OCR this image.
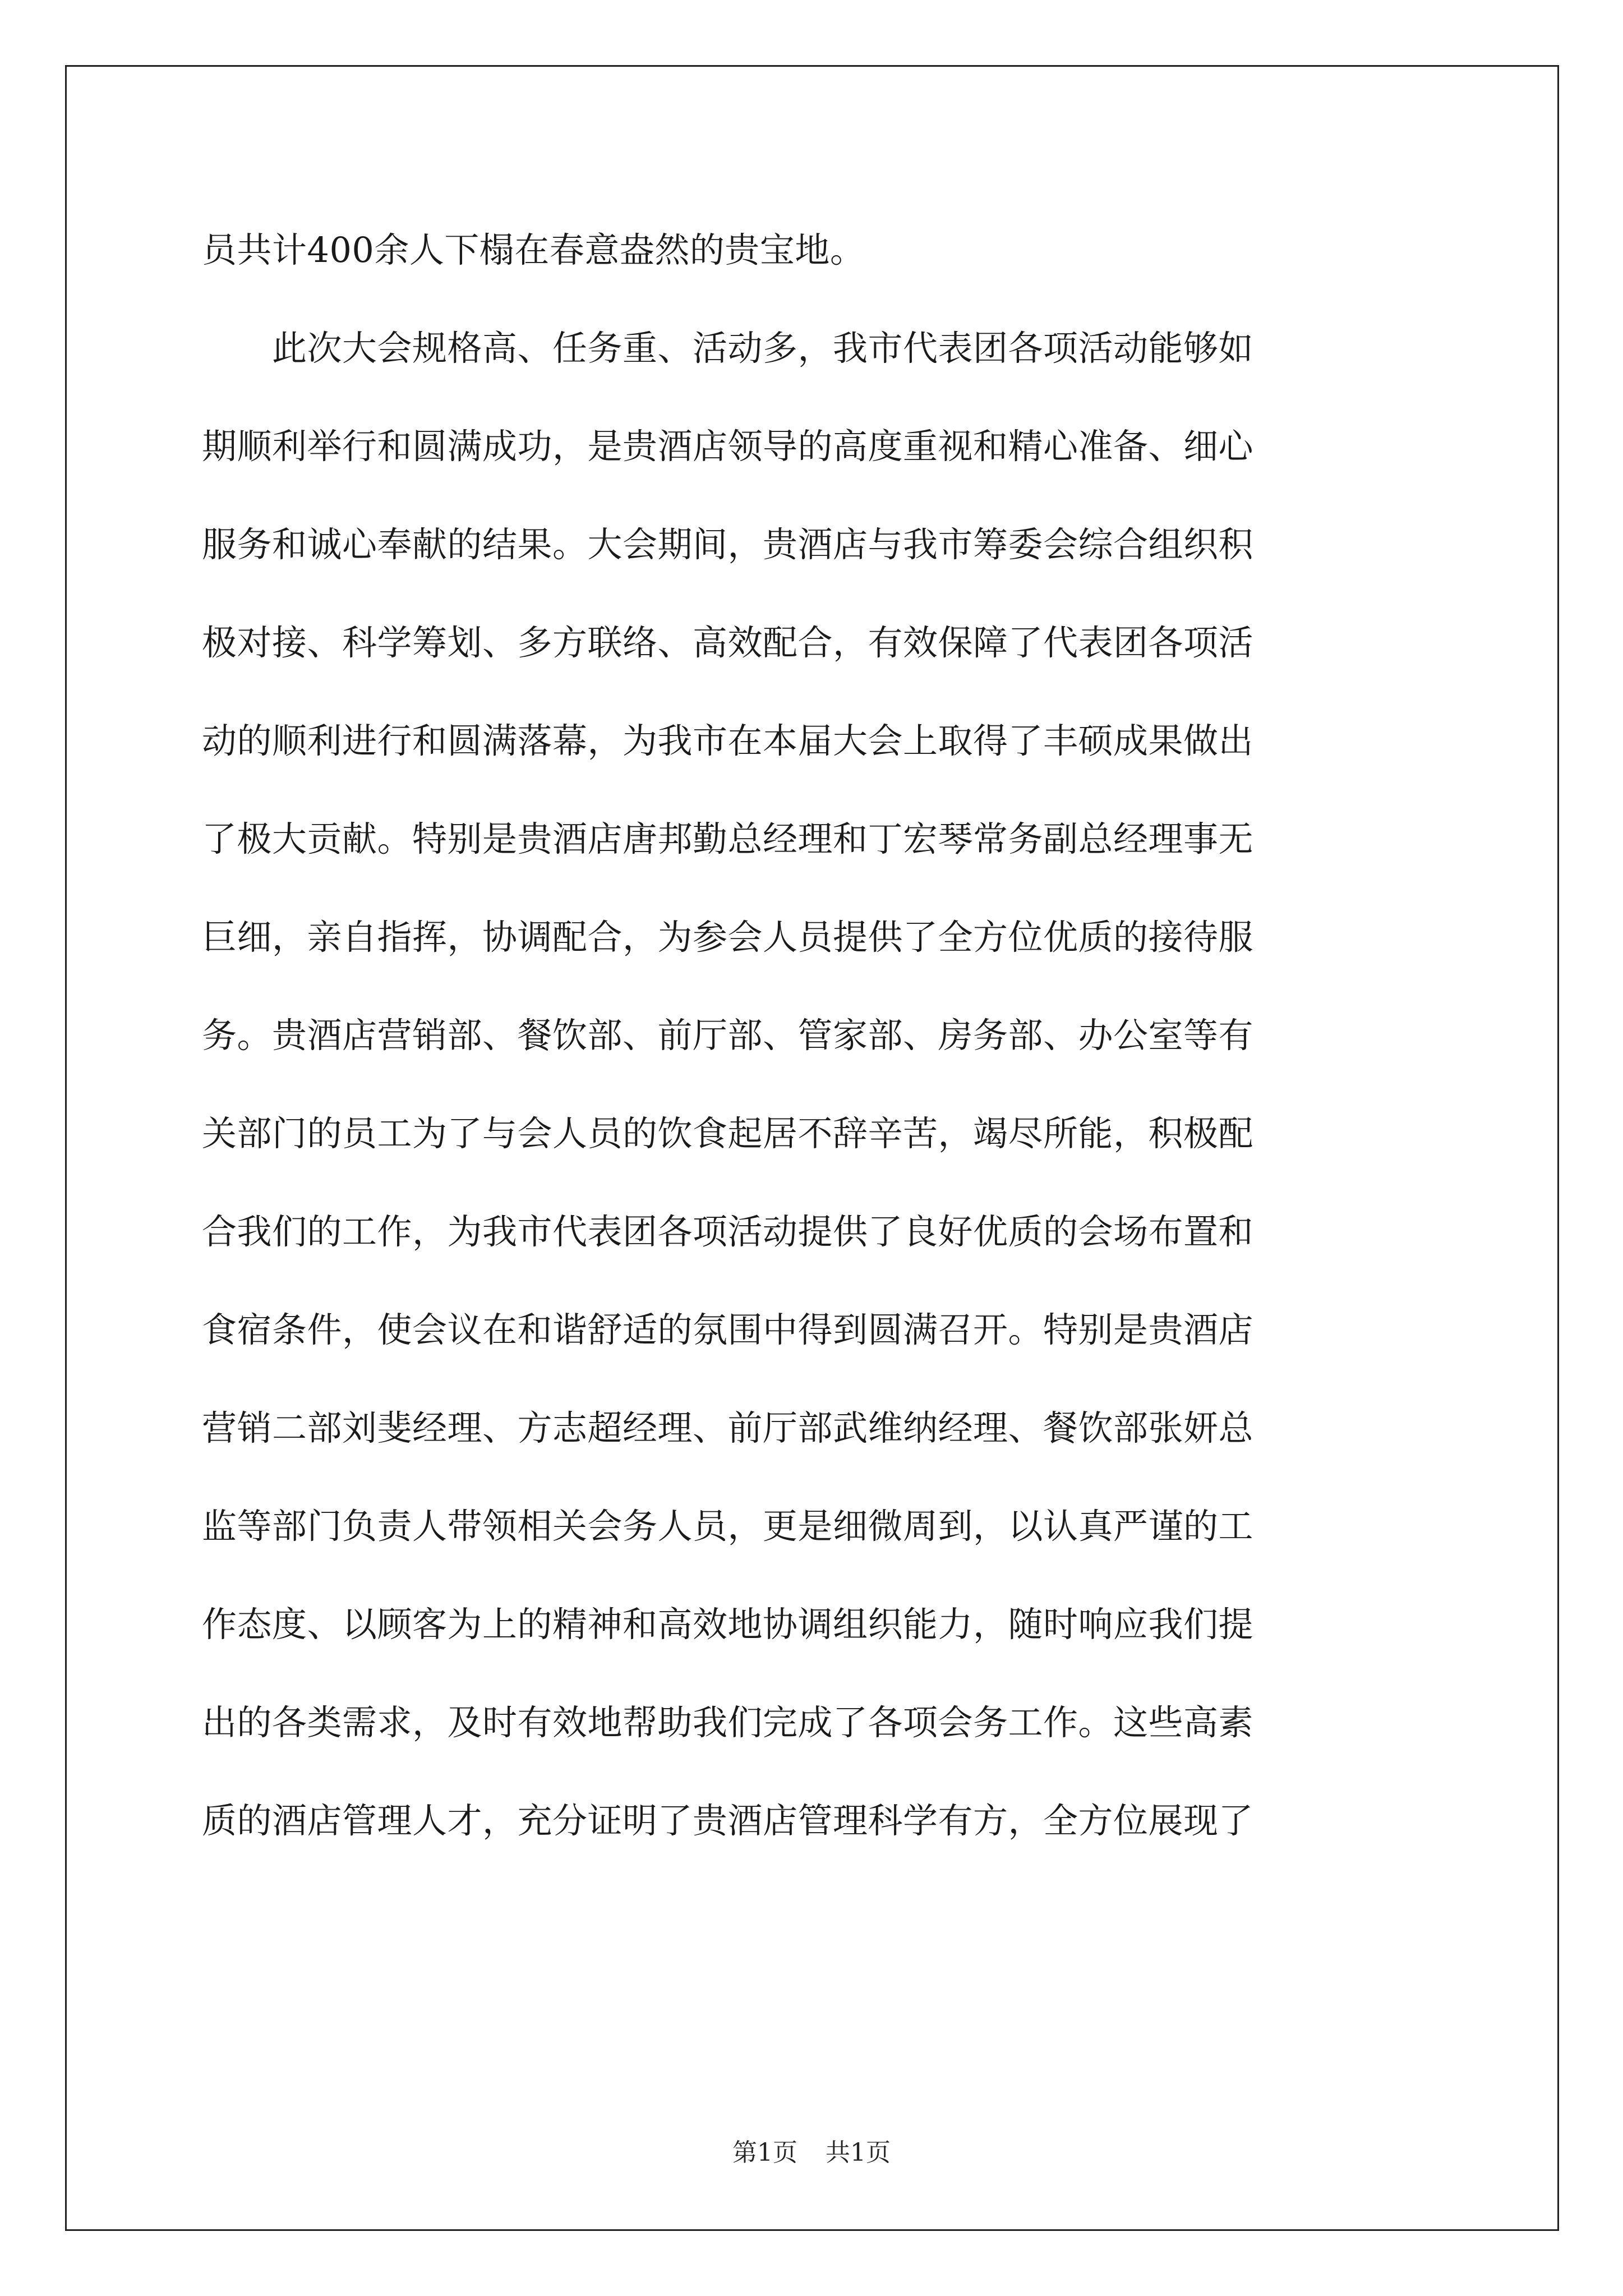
员共计400余人下榻在春意盎然的贵宝地。
　　此次大会规格高、任务重、活动多，我市代表团各项活动能够如
期顺利举行和圆满成功，是贵酒店领导的高度重视和精心准备、细心
服务和诚心奉献的结果。大会期间，贵酒店与我市筹委会综合组织积
极对接、科学筹划、多方联络、高效配合，有效保障了代表团各项活
动的顺利进行和圆满落幕，为我市在本届大会上取得了丰硕成果做出
了极大贡献。特别是贵酒店唐邦勤总经理和丁宏琴常务副总经理事无
巨细，亲自指挥，协调配合，为参会人员提供了全方位优质的接待服
务。贵酒店营销部、餐饮部、前厅部、管家部、房务部、办公室等有
关部门的员工为了与会人员的饮食起居不辞辛苦，竭尽所能，积极配
合我们的工作，为我市代表团各项活动提供了良好优质的会场布置和
食宿条件，使会议在和谐舒适的氛围中得到圆满召开。特别是贵酒店
营销二部刘斐经理、方志超经理、前厅部武维纳经理、餐饮部张妍总
监等部门负责人带领相关会务人员，更是细微周到，以认真严谨的工
作态度、以顾客为上的精神和高效地协调组织能力，随时响应我们提
出的各类需求，及时有效地帮助我们完成了各项会务工作。这些高素
质的酒店管理人才，充分证明了贵酒店管理科学有方，全方位展现了
第1页 共1页
